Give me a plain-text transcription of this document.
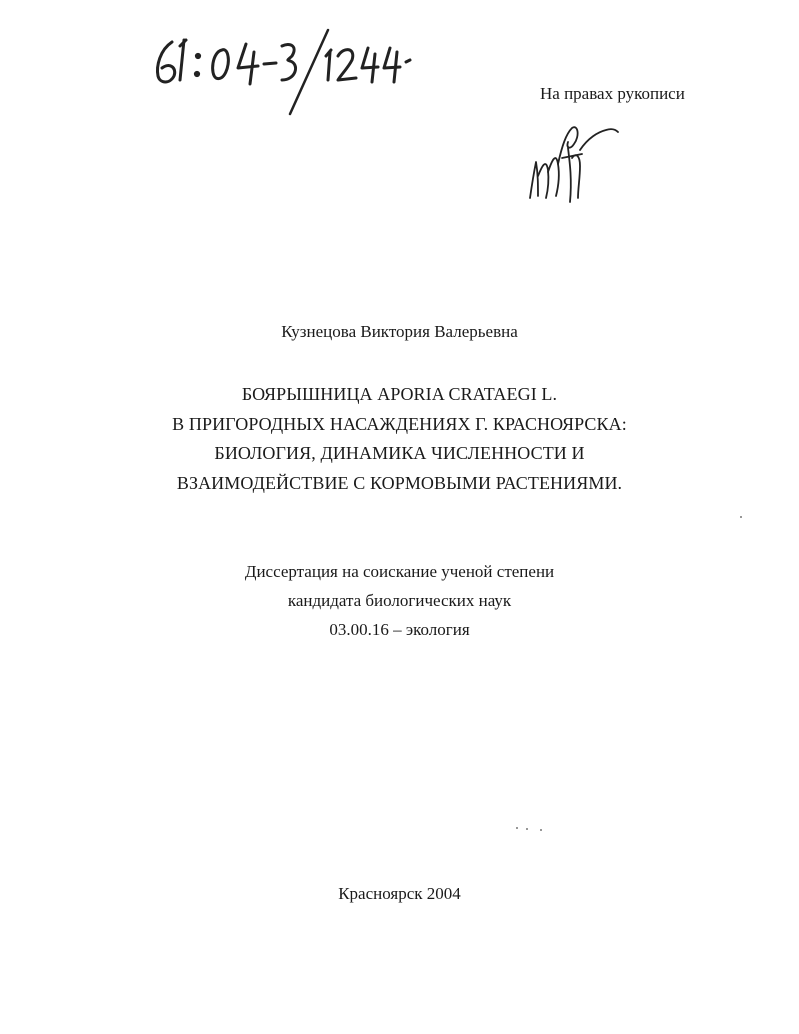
На правах рукописи
Кузнецова Виктория Валерьевна
БОЯРЫШНИЦА APORIA CRATAEGI L.
В ПРИГОРОДНЫХ НАСАЖДЕНИЯХ Г. КРАСНОЯРСКА:
БИОЛОГИЯ, ДИНАМИКА ЧИСЛЕННОСТИ И
ВЗАИМОДЕЙСТВИЕ С КОРМОВЫМИ РАСТЕНИЯМИ.
Диссертация на соискание ученой степени
кандидата биологических наук
03.00.16 – экология
Красноярск 2004
